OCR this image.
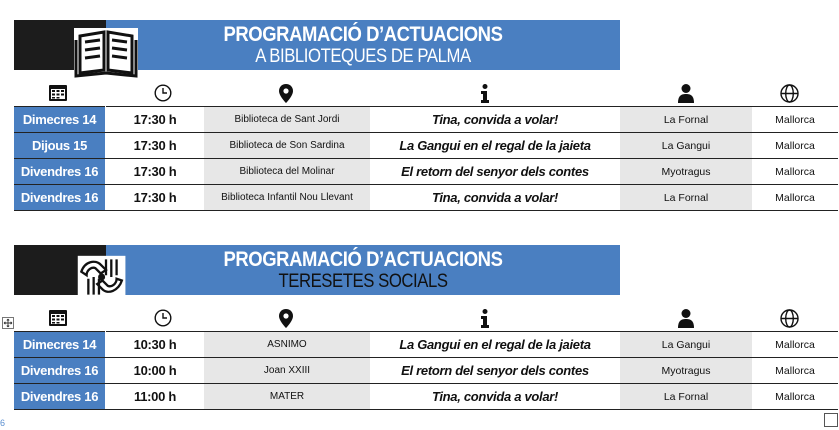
PROGRAMACIÓ D’ACTUACIONS
A BIBLIOTEQUES DE PALMA
Dimecres 14	17:30 h	Biblioteca de Sant Jordi	Tina, convida a volar!	La Fornal	Mallorca
Dijous 15	17:30 h	Biblioteca de Son Sardina	La Gangui en el regal de la jaieta	La Gangui	Mallorca
Divendres 16	17:30 h	Biblioteca del Molinar	El retorn del senyor dels contes	Myotragus	Mallorca
Divendres 16	17:30 h	Biblioteca Infantil Nou Llevant	Tina, convida a volar!	La Fornal	Mallorca
PROGRAMACIÓ D’ACTUACIONS
TERESETES SOCIALS
Dimecres 14	10:30 h	ASNIMO	La Gangui en el regal de la jaieta	La Gangui	Mallorca
Divendres 16	10:00 h	Joan XXIII	El retorn del senyor dels contes	Myotragus	Mallorca
Divendres 16	11:00 h	MATER	Tina, convida a volar!	La Fornal	Mallorca
6
